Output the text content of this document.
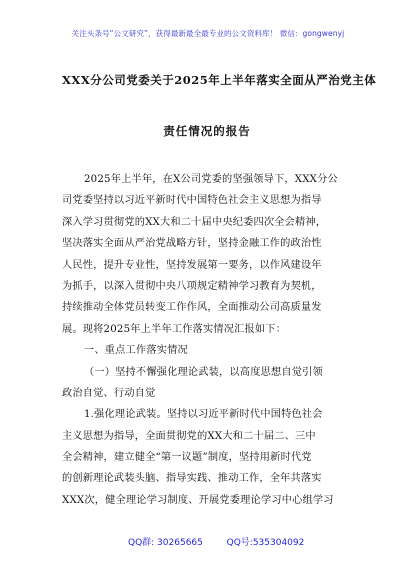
关注头条号“公文研究”，获得最新最全最专业的公文资料库！ 微信：gongwenyj
XXX分公司党委关于2025年上半年落实全面从严治党主体
责任情况的报告
2025年上半年，在X公司党委的坚强领导下，XXX分公
司党委坚持以习近平新时代中国特色社会主义思想为指导
深入学习贯彻党的XX大和二十届中央纪委四次全会精神，
坚决落实全面从严治党战略方针，坚持金融工作的政治性
人民性，提升专业性，坚持发展第一要务，以作风建设年
为抓手，以深入贯彻中央八项规定精神学习教育为契机，
持续推动全体党员转变工作作风，全面推动公司高质量发
展。现将2025年上半年工作落实情况汇报如下：
一、重点工作落实情况
（一）坚持不懈强化理论武装，以高度思想自觉引领
政治自觉、行动自觉
1.强化理论武装。坚持以习近平新时代中国特色社会
主义思想为指导，全面贯彻党的XX大和二十届二、三中
全会精神，建立健全“第一议题”制度，坚持用新时代党
的创新理论武装头脑、指导实践、推动工作，全年共落实
XXX次，健全理论学习制度、开展党委理论学习中心组学习
QQ群: 30265665	QQ号:535304092
